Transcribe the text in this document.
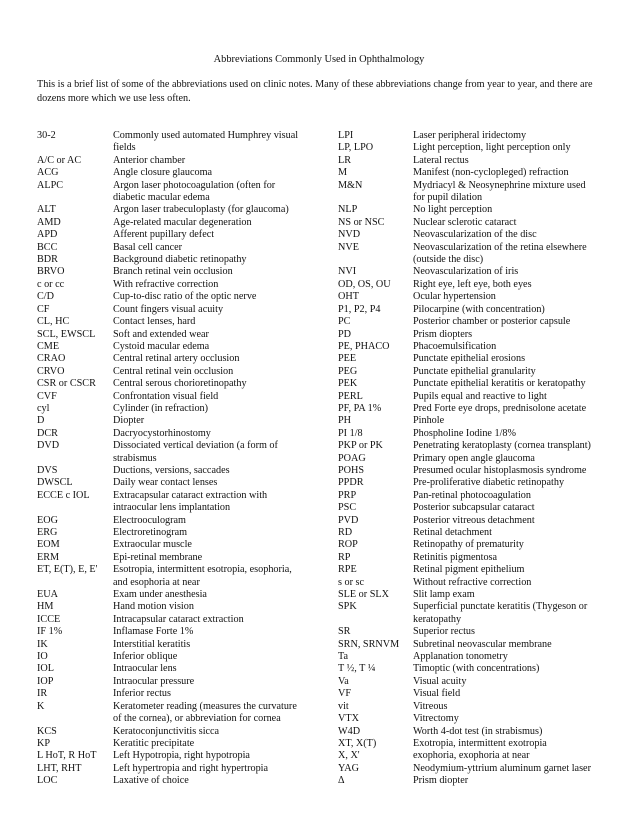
Abbreviations Commonly Used in Ophthalmology
This is a brief list of some of the abbreviations used on clinic notes. Many of these abbreviations change from year to year, and there are dozens more which we use less often.
30-2	Commonly used automated Humphrey visual
fields
A/C or AC	Anterior chamber
ACG	Angle closure glaucoma
ALPC	Argon laser photocoagulation (often for
diabetic macular edema
ALT	Argon laser trabeculoplasty (for glaucoma)
AMD	Age-related macular degeneration
APD	Afferent pupillary defect
BCC	Basal cell cancer
BDR	Background diabetic retinopathy
BRVO	Branch retinal vein occlusion
c or cc	With refractive correction
C/D	Cup-to-disc ratio of the optic nerve
CF	Count fingers visual acuity
CL, HC	Contact lenses, hard
SCL, EWSCL	Soft and extended wear
CME	Cystoid macular edema
CRAO	Central retinal artery occlusion
CRVO	Central retinal vein occlusion
CSR or CSCR	Central serous chorioretinopathy
CVF	Confrontation visual field
cyl	Cylinder (in refraction)
D	Diopter
DCR	Dacryocystorhinostomy
DVD	Dissociated vertical deviation (a form of
strabismus
DVS	Ductions, versions, saccades
DWSCL	Daily wear contact lenses
ECCE c IOL	Extracapsular cataract extraction with
intraocular lens implantation
EOG	Electrooculogram
ERG	Electroretinogram
EOM	Extraocular muscle
ERM	Epi-retinal membrane
ET, E(T), E, E'	Esotropia, intermittent esotropia, esophoria,
and esophoria at near
EUA	Exam under anesthesia
HM	Hand motion vision
ICCE	Intracapsular cataract extraction
IF 1%	Inflamase Forte 1%
IK	Interstitial keratitis
IO	Inferior oblique
IOL	Intraocular lens
IOP	Intraocular pressure
IR	Inferior rectus
K	Keratometer reading (measures the curvature
of the cornea), or abbreviation for cornea
KCS	Keratoconjunctivitis sicca
KP	Keratitic precipitate
L HoT, R HoT	Left Hypotropia, right hypotropia
LHT, RHT	Left hypertropia and right hypertropia
LOC	Laxative of choice
LPI	Laser peripheral iridectomy
LP, LPO	Light perception, light perception only
LR	Lateral rectus
M	Manifest (non-cyclopleged) refraction
M&N	Mydriacyl & Neosynephrine mixture used
for pupil dilation
NLP	No light perception
NS or NSC	Nuclear sclerotic cataract
NVD	Neovascularization of the disc
NVE	Neovascularization of the retina elsewhere
(outside the disc)
NVI	Neovascularization of iris
OD, OS, OU	Right eye, left eye, both eyes
OHT	Ocular hypertension
P1, P2, P4	Pilocarpine (with concentration)
PC	Posterior chamber or posterior capsule
PD	Prism diopters
PE, PHACO	Phacoemulsification
PEE	Punctate epithelial erosions
PEG	Punctate epithelial granularity
PEK	Punctate epithelial keratitis or keratopathy
PERL	Pupils equal and reactive to light
PF, PA 1%	Pred Forte eye drops, prednisolone acetate
PH	Pinhole
PI 1/8	Phospholine Iodine 1/8%
PKP or PK	Penetrating keratoplasty (cornea transplant)
POAG	Primary open angle glaucoma
POHS	Presumed ocular histoplasmosis syndrome
PPDR	Pre-proliferative diabetic retinopathy
PRP	Pan-retinal photocoagulation
PSC	Posterior subcapsular cataract
PVD	Posterior vitreous detachment
RD	Retinal detachment
ROP	Retinopathy of prematurity
RP	Retinitis pigmentosa
RPE	Retinal pigment epithelium
s or sc	Without refractive correction
SLE or SLX	Slit lamp exam
SPK	Superficial punctate keratitis (Thygeson or
keratopathy
SR	Superior rectus
SRN, SRNVM	Subretinal neovascular membrane
Ta	Applanation tonometry
T ½, T ¼	Timoptic (with concentrations)
Va	Visual acuity
VF	Visual field
vit	Vitreous
VTX	Vitrectomy
W4D	Worth 4-dot test (in strabismus)
XT, X(T)	Exotropia, intermittent exotropia
X, X'	exophoria, exophoria at near
YAG	Neodymium-yttrium aluminum garnet laser
Δ	Prism diopter
